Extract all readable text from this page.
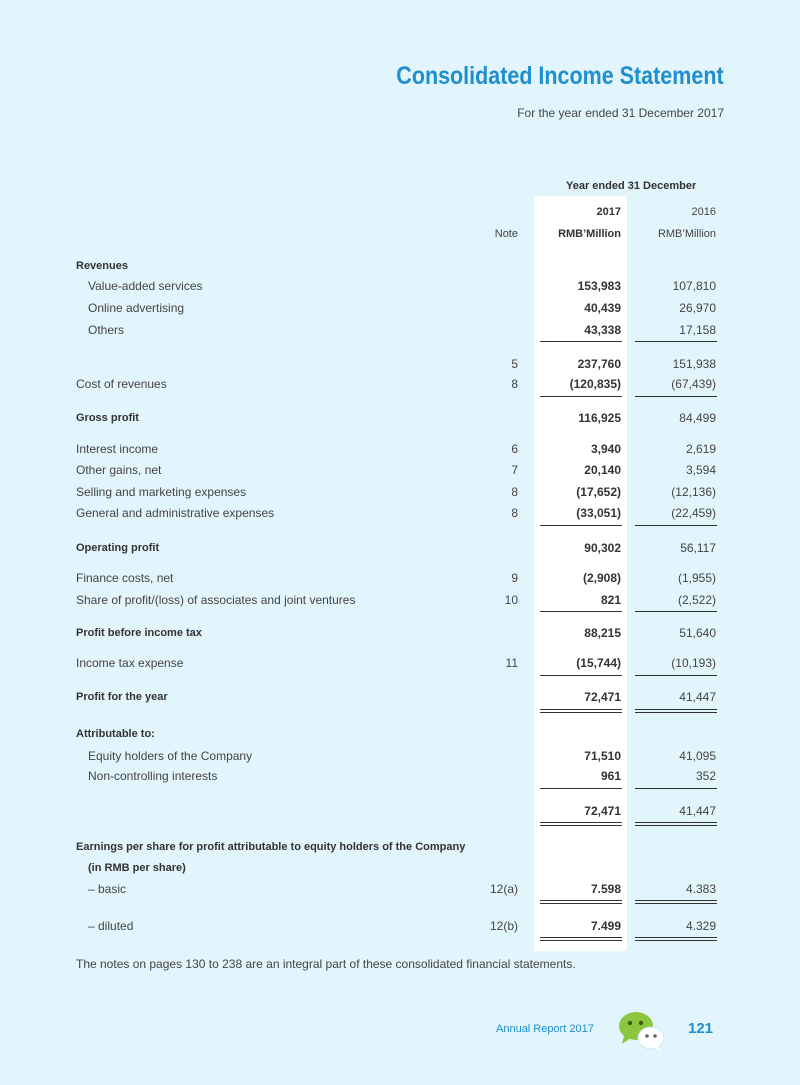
Consolidated Income Statement
For the year ended 31 December 2017
Year ended 31 December
2017	2016
Note	RMB’Million	RMB’Million
Revenues
Value-added services	153,983	107,810
Online advertising	40,439	26,970
Others	43,338	17,158
5	237,760	151,938
Cost of revenues	8	(120,835)	(67,439)
Gross profit	116,925	84,499
Interest income	6	3,940	2,619
Other gains, net	7	20,140	3,594
Selling and marketing expenses	8	(17,652)	(12,136)
General and administrative expenses	8	(33,051)	(22,459)
Operating profit	90,302	56,117
Finance costs, net	9	(2,908)	(1,955)
Share of profit/(loss) of associates and joint ventures	10	821	(2,522)
Profit before income tax	88,215	51,640
Income tax expense	11	(15,744)	(10,193)
Profit for the year	72,471	41,447
Attributable to:
Equity holders of the Company	71,510	41,095
Non-controlling interests	961	352
72,471	41,447
Earnings per share for profit attributable to equity holders of the Company
(in RMB per share)
– basic	12(a)	7.598	4.383
– diluted	12(b)	7.499	4.329
The notes on pages 130 to 238 are an integral part of these consolidated financial statements.
Annual Report 2017	121
